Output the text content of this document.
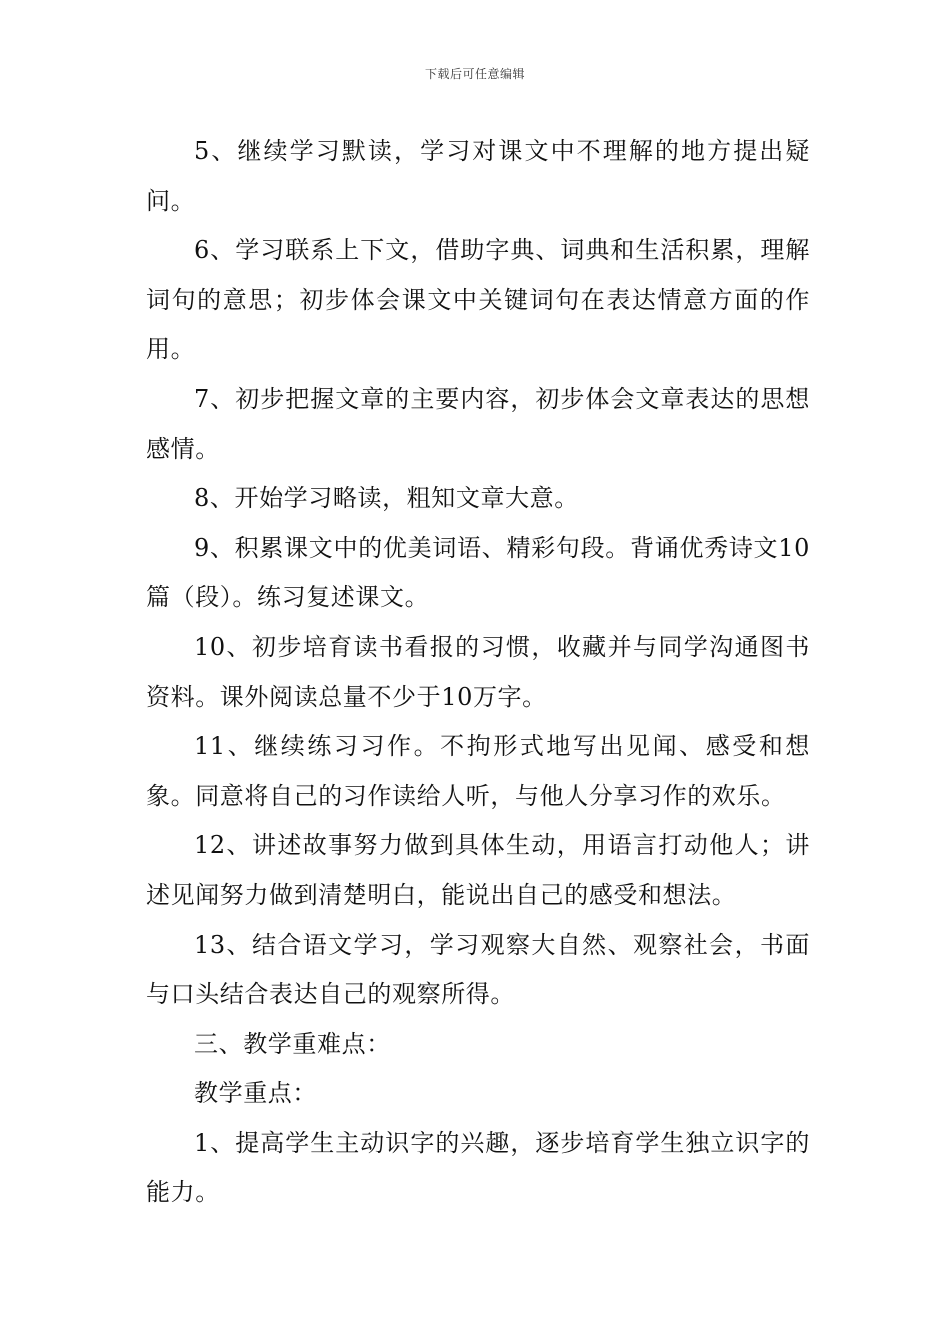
下载后可任意编辑

5、继续学习默读，学习对课文中不理解的地方提出疑问。

6、学习联系上下文，借助字典、词典和生活积累，理解词句的意思；初步体会课文中关键词句在表达情意方面的作用。

7、初步把握文章的主要内容，初步体会文章表达的思想感情。

8、开始学习略读，粗知文章大意。

9、积累课文中的优美词语、精彩句段。背诵优秀诗文10篇（段）。练习复述课文。

10、初步培育读书看报的习惯，收藏并与同学沟通图书资料。课外阅读总量不少于10万字。

11、继续练习习作。不拘形式地写出见闻、感受和想象。同意将自己的习作读给人听，与他人分享习作的欢乐。

12、讲述故事努力做到具体生动，用语言打动他人；讲述见闻努力做到清楚明白，能说出自己的感受和想法。

13、结合语文学习，学习观察大自然、观察社会，书面与口头结合表达自己的观察所得。

三、教学重难点：

教学重点：

1、提高学生主动识字的兴趣，逐步培育学生独立识字的能力。
